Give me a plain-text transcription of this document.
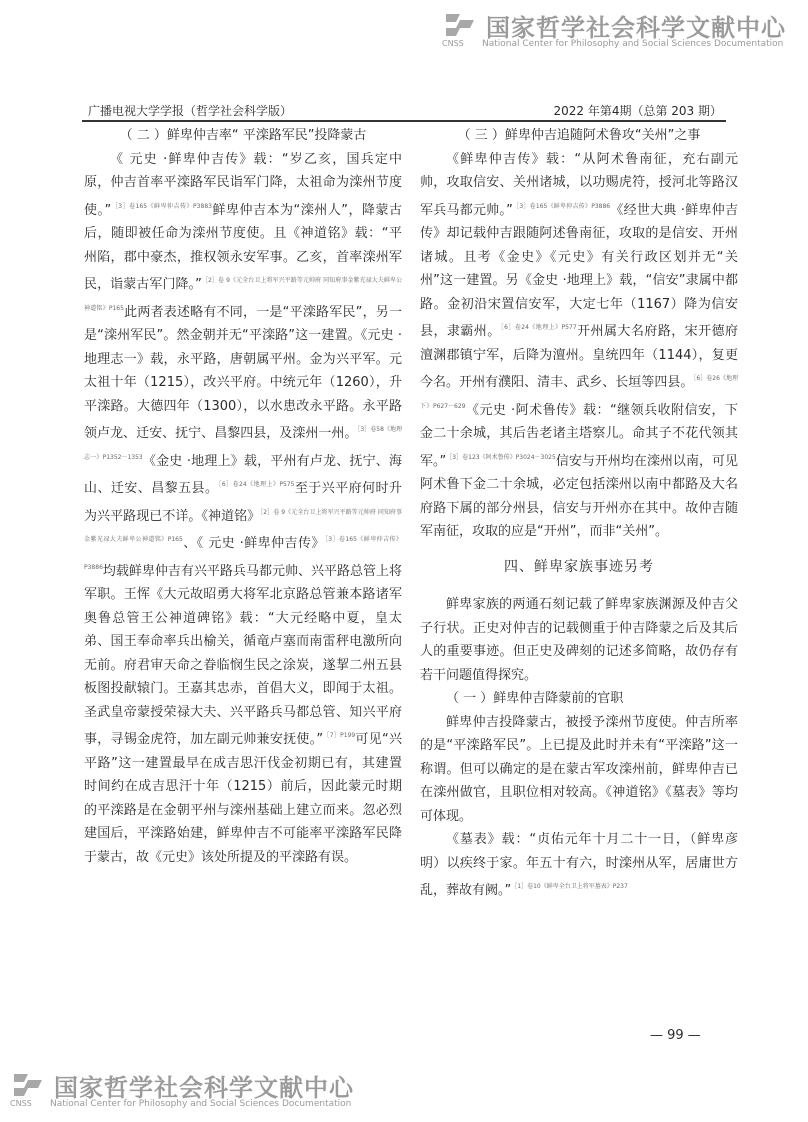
国家哲学社会科学文献中心
CNSS National Center for Philosophy and Social Sciences Documentation
广播电视大学学报（哲学社会科学版）	2022 年第4期（总第 203 期）

（ 二 ）鲜卑仲吉率“ 平滦路军民”投降蒙古

《 元史 ·鲜卑仲吉传》载：“岁乙亥，国兵定中原，仲吉首率平滦路军民诣军门降，太祖命为滦州节度使。”$^{[3]卷165《鲜卑仲吉传》P3883}$鲜卑仲吉本为“滦州人”，降蒙古后，随即被任命为滦州节度使。且《神道铭》载：“平州陷，郡中豪杰，推权领永安军事。乙亥，首率滦州军民，诣蒙古军门降。”$^{[2]卷 9《元全台卫上将军兴平路等元帅府 同知府事金紫光禄大夫鲜卑公神道铭》P165}$此两者表述略有不同，一是“平滦路军民”，另一是“滦州军民”。然金朝并无“平滦路”这一建置。《元史 ·地理志一》载，永平路，唐朝属平州。金为兴平军。元太祖十年（1215），改兴平府。中统元年（1260），升平滦路。大德四年（1300），以水患改永平路。永平路领卢龙、迁安、抚宁、昌黎四县，及滦州一州。$^{[3]卷58《地理志一》P1352-1353}$《金史 ·地理上》载，平州有卢龙、抚宁、海山、迁安、昌黎五县。$^{[6]卷24《地理上》P575}$至于兴平府何时升为兴平路现已不详。《神道铭》$^{[2]卷 9《元全台卫上将军兴平路等元帅府 同知府事金紫光禄大夫鲜卑公神道铭》P165}$、《 元史 ·鲜卑仲吉传》$^{[3]卷165《鲜卑仲吉传》P3886}$均载鲜卑仲吉有兴平路兵马都元帅、兴平路总管上将军职。王恽《大元故昭勇大将军北京路总管兼本路诸军奥鲁总管王公神道碑铭》载：“大元经略中夏，皇太弟、国王奉命率兵出榆关，循竜卢塞而南雷秤电激所向无前。府君审天命之眷临悯生民之涂炭，遂挈二州五县板图投献辕门。王嘉其忠赤，首倡大义，即闻于太祖。圣武皇帝蒙授荣禄大夫、兴平路兵马都总管、知兴平府事，寻锡金虎符，加左副元帅兼安抚使。”$^{[7]P199}$可见“兴平路”这一建置最早在成吉思汗伐金初期已有，其建置时间约在成吉思汗十年（1215）前后，因此蒙元时期的平滦路是在金朝平州与滦州基础上建立而来。忽必烈建国后，平滦路始建，鲜卑仲吉不可能率平滦路军民降于蒙古，故《元史》该处所提及的平滦路有误。

（ 三 ）鲜卑仲吉追随阿术鲁攻“关州”之事

《鲜卑仲吉传》载：“从阿术鲁南征，充右副元帅，攻取信安、关州诸城，以功赐虎符，授河北等路汉军兵马都元帅。”$^{[3]卷165《鲜卑仲吉传》P3886}$《经世大典 ·鲜卑仲吉传》却记载仲吉跟随阿述鲁南征，攻取的是信安、开州诸城。且考《金史》《元史》有关行政区划并无“关州”这一建置。另《金史 ·地理上》载，“信安”隶属中都路。金初沿宋置信安军，大定七年（1167）降为信安县，隶霸州。$^{[6]卷24《地理上》P577}$开州属大名府路，宋开德府澶渊郡镇宁军，后降为澶州。皇统四年（1144），复更今名。开州有濮阳、清丰、武乡、长垣等四县。$^{[6]卷26《地理下》P627-629}$《元史 ·阿术鲁传》载：“继领兵收附信安，下金二十余城，其后吿老诸主塔察儿。命其子不花代领其军。”$^{[3]卷123《阿术鲁传》P3024-3025}$信安与开州均在滦州以南，可见阿术鲁下金二十余城，必定包括滦州以南中都路及大名府路下属的部分州县，信安与开州亦在其中。故仲吉随军南征，攻取的应是“开州”，而非“关州”。

四、鲜卑家族事迹另考

鲜卑家族的两通石刻记载了鲜卑家族渊源及仲吉父子行状。正史对仲吉的记载侧重于仲吉降蒙之后及其后人的重要事迹。但正史及碑刻的记述多简略，故仍存有若干问题值得探究。

（ 一 ）鲜卑仲吉降蒙前的官职

鲜卑仲吉投降蒙古，被授予滦州节度使。仲吉所率的是“平滦路军民”。上已提及此时并未有“平滦路”这一称谓。但可以确定的是在蒙古军攻滦州前，鲜卑仲吉已在滦州做官，且职位相对较高。《神道铭》《墓表》等均可体现。

《墓表》载：“贞佑元年十月二十一日，（鲜卑彦明）以疾终于家。年五十有六，时滦州从军，居庸世方乱，葬故有阙。”$^{[1]卷10《鲜卑全台卫上将军墓表》P237}$

— 99 —
国家哲学社会科学文献中心
CNSS National Center for Philosophy and Social Sciences Documentation
